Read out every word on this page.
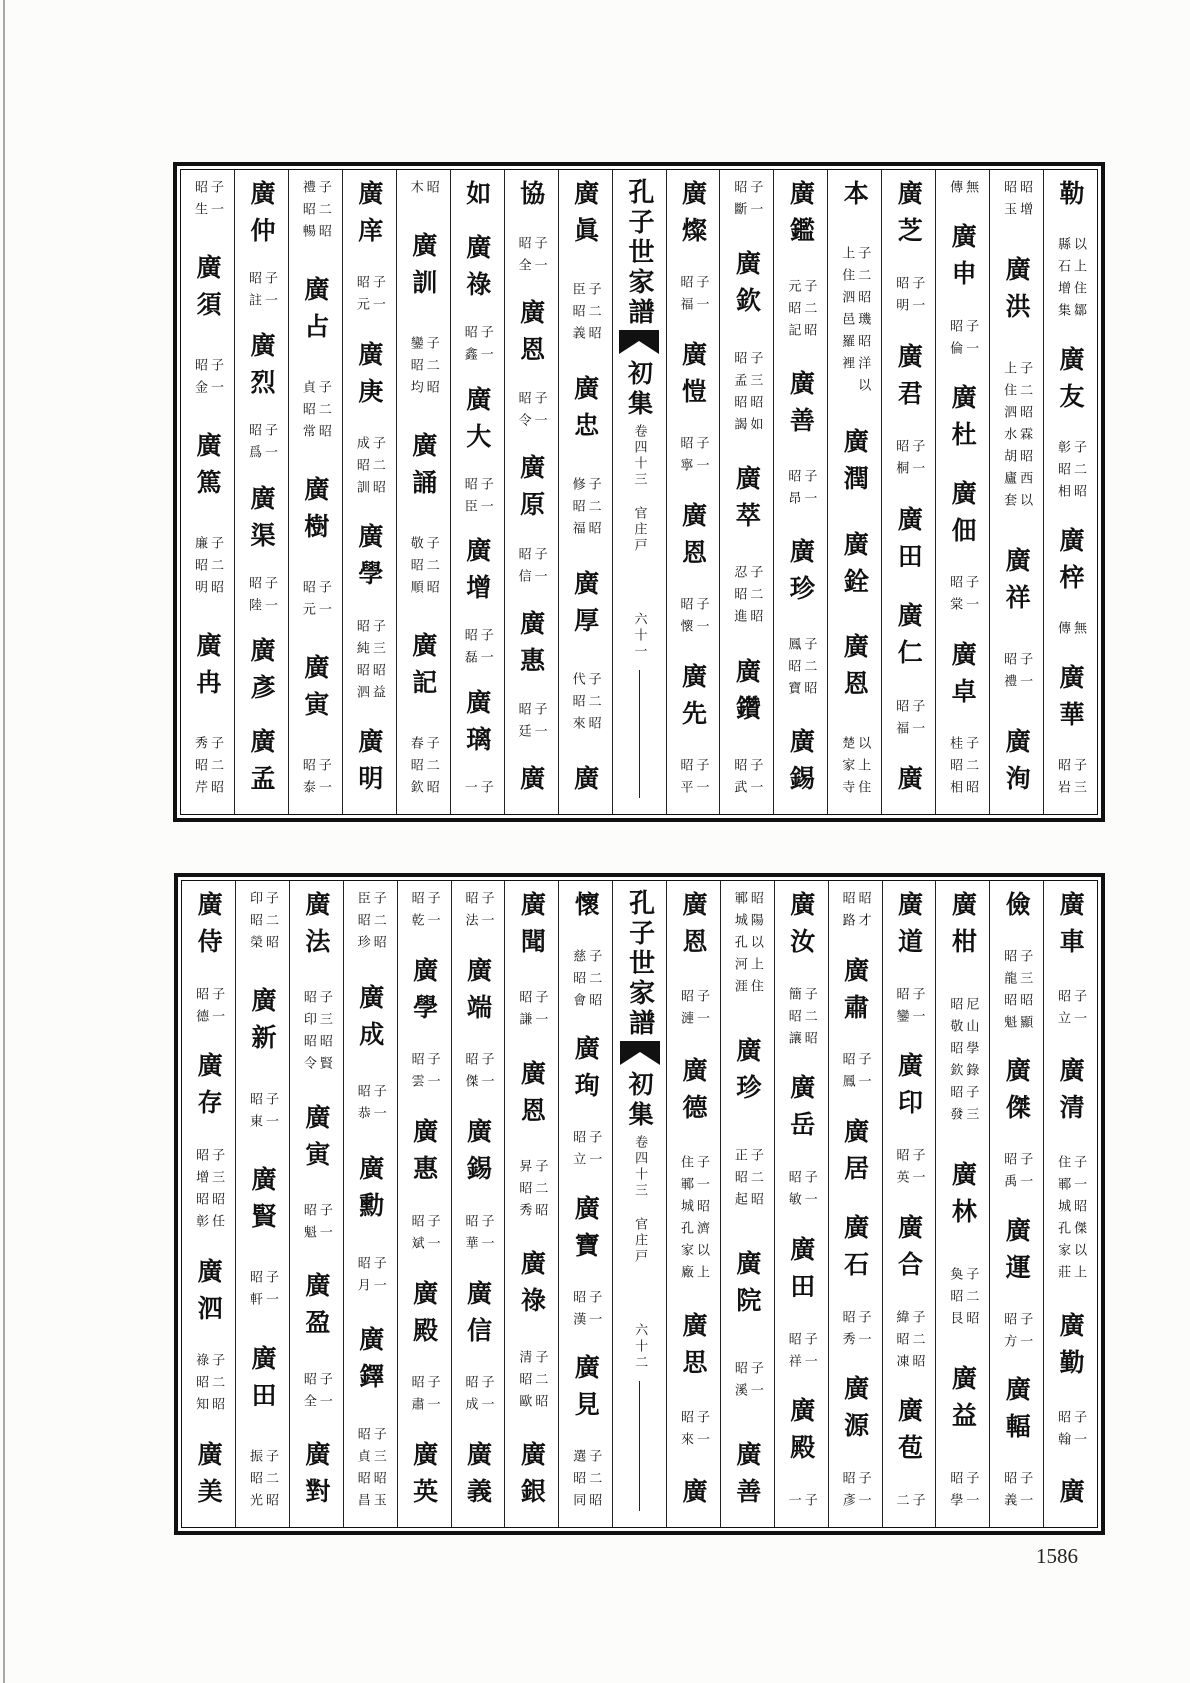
勒
以上住鄒
縣石增集
廣友
子二昭
彰昭相
廣梓
無
傳
廣華
子三
昭岩
昭增
昭玉
廣洪
子二昭霖昭西以
上住泗水胡廬套
廣祥
子一
昭禮
廣洵
無
傳
廣申
子一
昭倫
廣杜
廣佃
子一
昭棠
廣卓
子二昭
桂昭相
廣芝
子一
昭明
廣君
子一
昭桐
廣田
廣仁
子一
昭福
廣
本
子二昭璣昭洋以
上住泗邑羅裡
廣潤
廣銓
廣恩
以上住
楚家寺
廣鑑
子二昭
元昭記
廣善
子一
昭昂
廣珍
子二昭
鳳昭寶
廣錫
子一
昭斷
廣欽
子三昭如
昭孟昭謁
廣萃
子二昭
忍昭進
廣鑽
子一
昭武
廣燦
子一
昭福
廣愷
子一
昭寧
廣恩
子一
昭懷
廣先
子一
昭平
孔子世家譜
初集
卷四十三
官庄戸
六十一
廣眞
子二昭
臣昭義
廣忠
子二昭
修昭福
廣厚
子二昭
代昭來
廣
協
子一
昭全
廣恩
子一
昭令
廣原
子一
昭信
廣惠
子一
昭廷
廣
如
廣祿
子一
昭鑫
廣大
子一
昭臣
廣增
子一
昭磊
廣璃
子
一
昭
木
廣訓
子二昭
鑾昭均
廣誦
子二昭
敬昭順
廣記
子二昭
春昭欽
廣庠
子一
昭元
廣庚
子二昭
成昭訓
廣學
子三昭益
昭純昭泗
廣明
子二昭
禮昭暢
廣占
子二昭
貞昭常
廣樹
子一
昭元
廣寅
子一
昭泰
廣仲
子一
昭註
廣烈
子一
昭爲
廣渠
子一
昭陸
廣彥
廣孟
子一
昭生
廣須
子一
昭金
廣篤
子二昭
廉昭明
廣冉
子二昭
秀昭芹
廣車
子一
昭立
廣清
子一昭傑以上
住鄆城孔家莊
廣勤
子一
昭翰
廣
儉
子三昭顯
昭龍昭魁
廣傑
子一
昭禹
廣運
子一
昭方
廣輻
子一
昭義
廣柑
尼山學錄子三
昭敬昭欽昭發
廣林
子二昭
奐昭艮
廣益
子一
昭學
廣道
子一
昭鑾
廣印
子一
昭英
廣合
子二昭
緯昭凍
廣苞
子
二
昭才
昭路
廣肅
子一
昭鳳
廣居
廣石
子一
昭秀
廣源
子一
昭彥
廣汝
子二昭
簡昭讓
廣岳
子一
昭敏
廣田
子一
昭祥
廣殿
子
一
昭陽以上住
鄆城孔河涯
廣珍
子二昭
正昭起
廣院
子一
昭溪
廣善
廣恩
子一
昭漣
廣德
子一昭濟以上
住鄆城孔家廠
廣思
子一
昭來
廣
孔子世家譜
初集
卷四十三
官庄戸
六十二
懷
子二昭
慈昭會
廣珣
子一
昭立
廣寶
子一
昭漢
廣見
子二昭
選昭同
廣聞
子一
昭謙
廣恩
子二昭
昇昭秀
廣祿
子二昭
清昭歐
廣銀
子一
昭法
廣端
子一
昭傑
廣錫
子一
昭華
廣信
子一
昭成
廣義
子一
昭乾
廣學
子一
昭雲
廣惠
子一
昭斌
廣殿
子一
昭肅
廣英
子二昭
臣昭珍
廣成
子一
昭恭
廣勳
子一
昭月
廣鐸
子三昭玉
昭貞昭昌
廣法
子三昭賢
昭印昭令
廣寅
子一
昭魁
廣盈
子一
昭全
廣對
子二昭
印昭榮
廣新
子一
昭東
廣賢
子一
昭軒
廣田
子二昭
振昭光
廣侍
子一
昭德
廣存
子三昭任
昭增昭彰
廣泗
子二昭
祿昭知
廣美
1586
